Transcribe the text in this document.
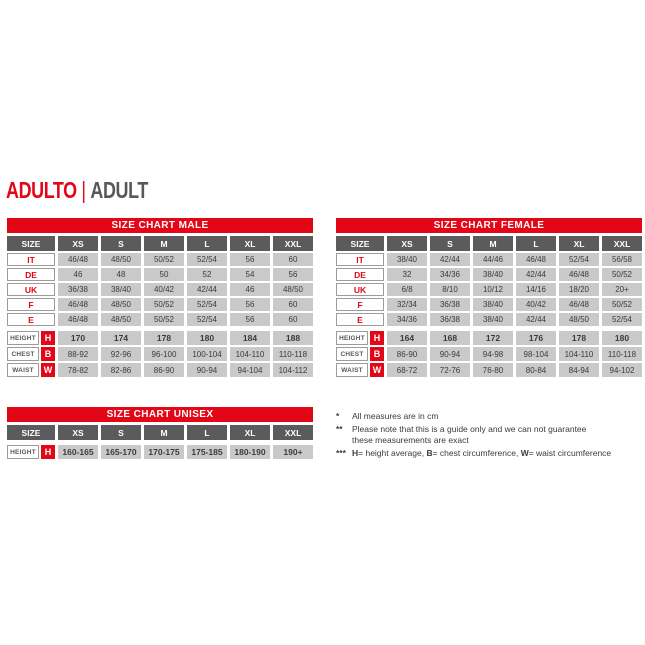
ADULTO | ADULT
SIZE CHART MALE
SIZE	XS	S	M	L	XL	XXL
IT	46/48	48/50	50/52	52/54	56	60
DE	46	48	50	52	54	56
UK	36/38	38/40	40/42	42/44	46	48/50
F	46/48	48/50	50/52	52/54	56	60
E	46/48	48/50	50/52	52/54	56	60
HEIGHT H	170	174	178	180	184	188
CHEST	B	88-92	92-96	96-100	100-104	104-110	110-118
WAIST	W	78-82	82-86	86-90	90-94	94-104	104-112
SIZE CHART FEMALE
SIZE	XS	S	M	L	XL	XXL
IT	38/40	42/44	44/46	46/48	52/54	56/58
DE	32	34/36	38/40	42/44	46/48	50/52
UK	6/8	8/10	10/12	14/16	18/20	20+
F	32/34	36/38	38/40	40/42	46/48	50/52
E	34/36	36/38	38/40	42/44	48/50	52/54
HEIGHT H	164	168	172	176	178	180
CHEST	B	86-90	90-94	94-98	98-104	104-110	110-118
WAIST	W	68-72	72-76	76-80	80-84	84-94	94-102
SIZE CHART UNISEX
SIZE	XS	S	M	L	XL	XXL
HEIGHT H	160-165	165-170	170-175	175-185	180-190	190+
*	All measures are in cm
**	Please note that this is a guide only and we can not guarantee
these measurements are exact
*** H= height average, B= chest circumference, W= waist circumference
